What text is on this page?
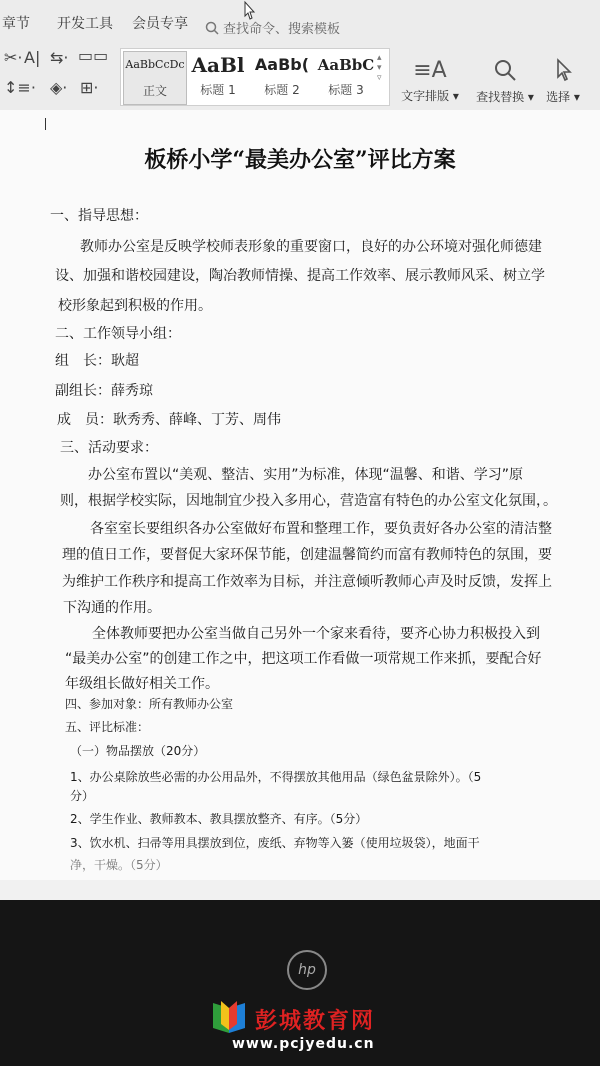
章节 开发工具 会员专享	查找命令、搜索模板
✂· A| ⇆· ▭▭
↕≡· ◈· ⊞·
AaBbCcDc
正文
AaBl
标题 1
AaBb(
标题 2
AaBbC
标题 3
▴
▾
▿	≡A
文字排版 ▾	查找替换 ▾	选择 ▾
板桥小学“最美办公室”评比方案
一、指导思想：
教师办公室是反映学校师表形象的重要窗口，良好的办公环境对强化师德建
设、加强和谐校园建设，陶冶教师情操、提高工作效率、展示教师风采、树立学
校形象起到积极的作用。
二、工作领导小组：
组　长：耿超
副组长：薛秀琼
成　员：耿秀秀、薛峰、丁芳、周伟
三、活动要求：
办公室布置以“美观、整洁、实用”为标准，体现“温馨、和谐、学习”原
则，根据学校实际，因地制宜少投入多用心，营造富有特色的办公室文化氛围，。
各室室长要组织各办公室做好布置和整理工作，要负责好各办公室的清洁整
理的值日工作，要督促大家环保节能，创建温馨简约而富有教师特色的氛围，要
为维护工作秩序和提高工作效率为目标，并注意倾听教师心声及时反馈，发挥上
下沟通的作用。
全体教师要把办公室当做自己另外一个家来看待，要齐心协力积极投入到
“最美办公室”的创建工作之中，把这项工作看做一项常规工作来抓，要配合好
年级组长做好相关工作。
四、参加对象：所有教师办公室
五、评比标准：
（一）物品摆放（20分）
1、办公桌除放些必需的办公用品外，不得摆放其他用品（绿色盆景除外）。（5
分）
2、学生作业、教师教本、教具摆放整齐、有序。（5分）
3、饮水机、扫帚等用具摆放到位，废纸、弃物等入篓（使用垃圾袋），地面干
净，干燥。（5分）
hp
彭城教育网
www.pcjyedu.cn
